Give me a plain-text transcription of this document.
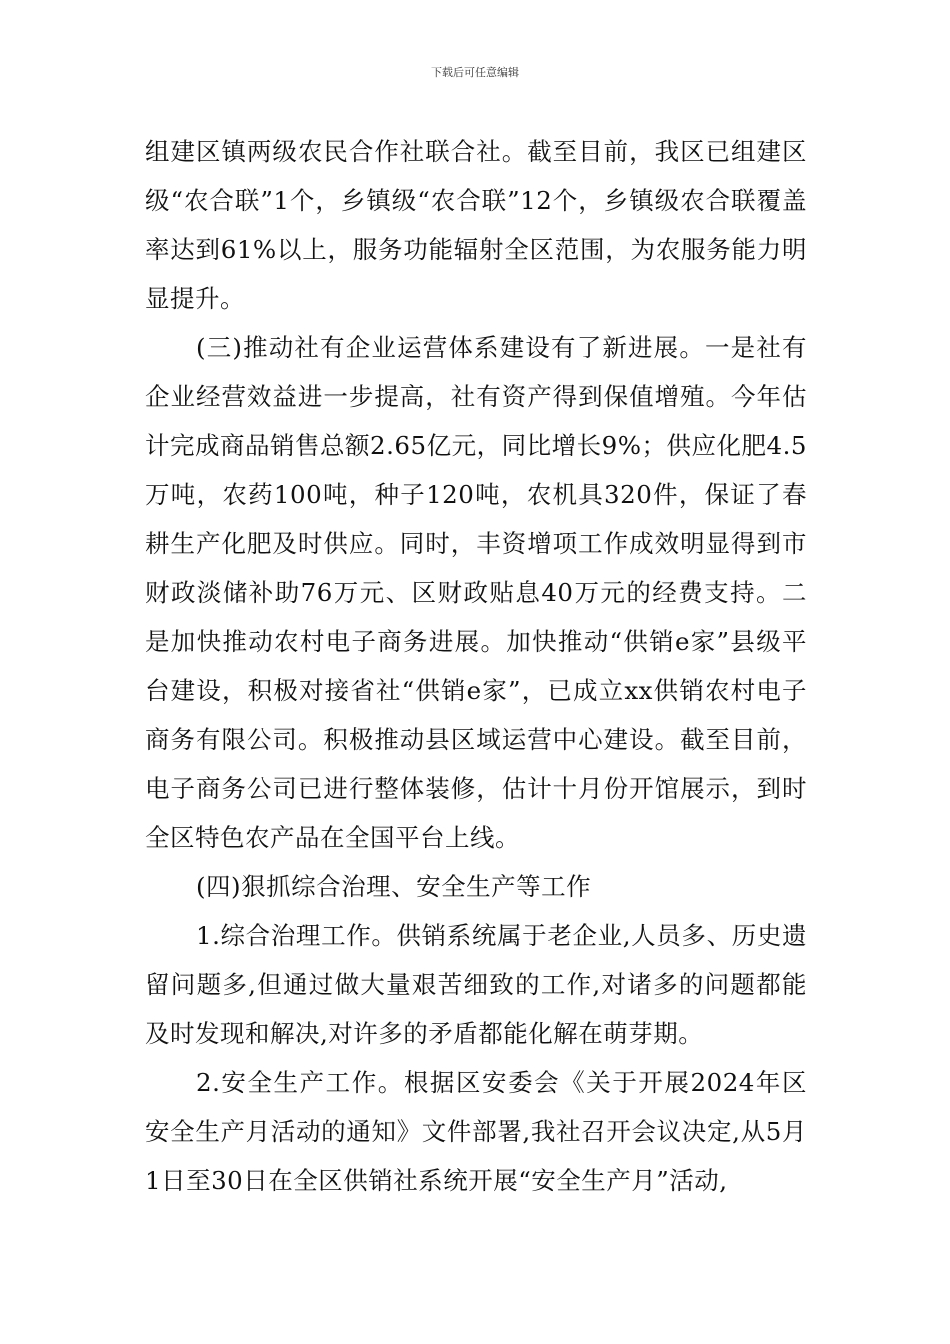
下载后可任意编辑

组建区镇两级农民合作社联合社。截至目前，我区已组建区级“农合联”1个，乡镇级“农合联”12个，乡镇级农合联覆盖率达到61%以上，服务功能辐射全区范围，为农服务能力明显提升。

(三)推动社有企业运营体系建设有了新进展。一是社有企业经营效益进一步提高，社有资产得到保值增殖。今年估计完成商品销售总额2.65亿元，同比增长9%；供应化肥4.5万吨，农药100吨，种子120吨，农机具320件，保证了春耕生产化肥及时供应。同时，丰资增项工作成效明显得到市财政淡储补助76万元、区财政贴息40万元的经费支持。二是加快推动农村电子商务进展。加快推动“供销e家”县级平台建设，积极对接省社“供销e家”，已成立xx供销农村电子商务有限公司。积极推动县区域运营中心建设。截至目前，电子商务公司已进行整体装修，估计十月份开馆展示，到时全区特色农产品在全国平台上线。

(四)狠抓综合治理、安全生产等工作

1.综合治理工作。供销系统属于老企业,人员多、历史遗留问题多,但通过做大量艰苦细致的工作,对诸多的问题都能及时发现和解决,对许多的矛盾都能化解在萌芽期。

2.安全生产工作。根据区安委会《关于开展2024年区安全生产月活动的通知》文件部署,我社召开会议决定,从5月1日至30日在全区供销社系统开展“安全生产月”活动,
